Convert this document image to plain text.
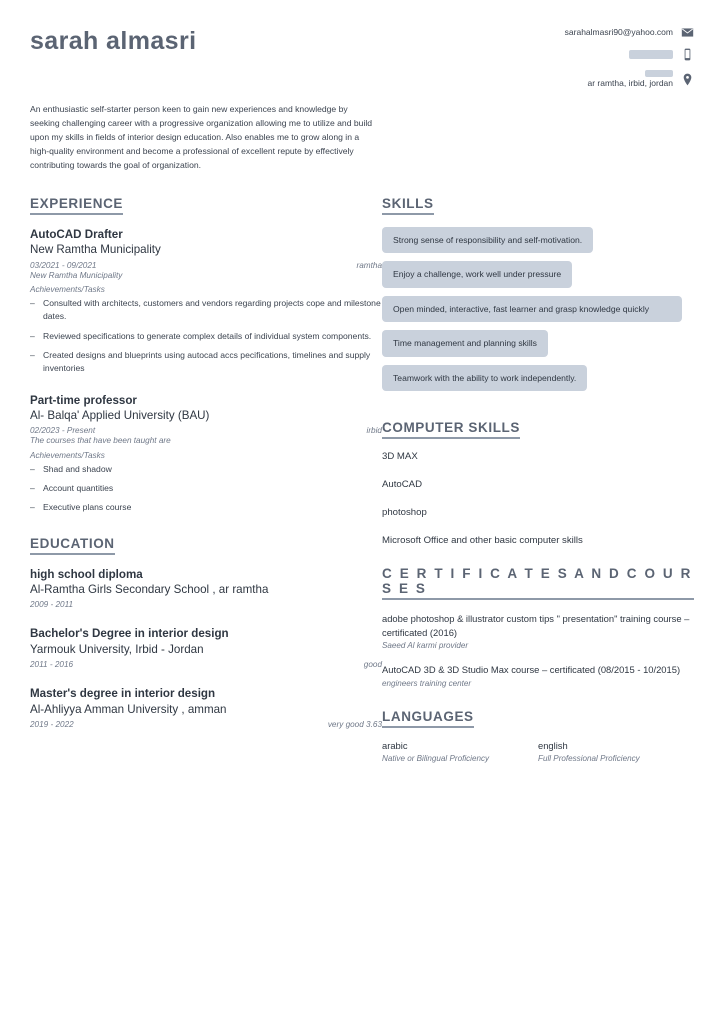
sarah almasri	sarahalmasri90@yahoo.com
ar ramtha, irbid, jordan
An enthusiastic self-starter person keen to gain new experiences and knowledge by seeking challenging career with a progressive organization allowing me to utilize and build upon my skills in fields of interior design education. Also enables me to grow along in a high-quality environment and become a professional of excellent repute by effectively contributing towards the goal of organization.
EXPERIENCE
AutoCAD Drafter
New Ramtha Municipality
03/2021 - 09/2021	ramtha
New Ramtha Municipality
Achievements/Tasks
– Consulted with architects, customers and vendors regarding projects cope and milestone dates.
– Reviewed specifications to generate complex details of individual system components.
– Created designs and blueprints using autocad accs pecifications, timelines and supply inventories
Part-time professor
Al- Balqa' Applied University (BAU)
02/2023 - Present	irbid
The courses that have been taught are
Achievements/Tasks
– Shad and shadow
– Account quantities
– Executive plans course
EDUCATION
high school diploma
Al-Ramtha Girls Secondary School , ar ramtha
2009 - 2011
Bachelor's Degree in interior design
Yarmouk University, Irbid - Jordan
2011 - 2016	good
Master's degree in interior design
Al-Ahliyya Amman University , amman
2019 - 2022	very good 3.63
SKILLS
Strong sense of responsibility and self-motivation.
Enjoy a challenge, work well under pressure

Open minded, interactive, fast learner and grasp knowledge quickly
Time management and planning skills
Teamwork with the ability to work independently.
COMPUTER SKILLS
3D MAX
AutoCAD
photoshop
Microsoft Office and other basic computer skills
C E R T I F I C A T E S A N D C O U R S E S
adobe photoshop & illustrator custom tips " presentation" training course – certificated (2016)
Saeed Al karmi provider
AutoCAD 3D & 3D Studio Max course – certificated (08/2015 - 10/2015)
engineers training center
LANGUAGES
arabic
Native or Bilingual Proficiency
english
Full Professional Proficiency
